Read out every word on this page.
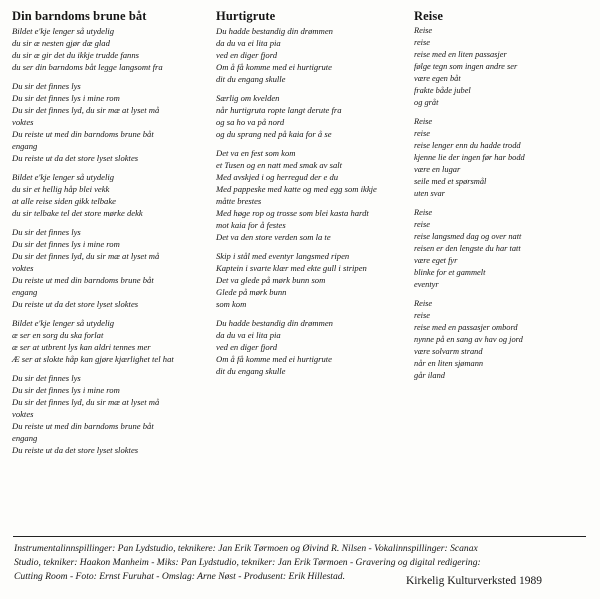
Din barndoms brune båt
Bildet e'kje lenger så utydelig
du sir æ nesten gjør dæ glad
du sir æ gir det du ikkje trudde fanns
du ser din barndoms båt legge langsomt fra
Du sir det finnes lys
Du sir det finnes lys i mine rom
Du sir det finnes lyd, du sir mæ at lyset må
voktes
Du reiste ut med din barndoms brune båt
engang
Du reiste ut da det store lyset sloktes
Bildet e'kje lenger så utydelig
du sir et hellig håp blei vekk
at alle reise siden gikk telbake
du sir telbake tel det store mørke dekk
Du sir det finnes lys
Du sir det finnes lys i mine rom
Du sir det finnes lyd, du sir mæ at lyset må
voktes
Du reiste ut med din barndoms brune båt
engang
Du reiste ut da det store lyset sloktes
Bildet e'kje lenger så utydelig
æ ser en sorg du ska forlat
æ ser at utbrent lys kan aldri tennes mer
Æ ser at slokte håp kan gjøre kjærlighet tel hat
Du sir det finnes lys
Du sir det finnes lys i mine rom
Du sir det finnes lyd, du sir mæ at lyset må
voktes
Du reiste ut med din barndoms brune båt
engang
Du reiste ut da det store lyset sloktes
Hurtigrute
Du hadde bestandig din drømmen
da du va ei lita pia
ved en diger fjord
Om å få komme med ei hurtigrute
dit du engang skulle
Særlig om kvelden
når hurtigruta ropte langt derute fra
og sa ho va på nord
og du sprang ned på kaia for å se
Det va en fest som kom
et Tusen og en natt med smak av salt
Med avskjed i og herregud der e du
Med pappeske med katte og med egg som ikkje
måtte brestes
Med høge rop og trosse som blei kasta hardt
mot kaia for å festes
Det va den store verden som la te
Skip i stål med eventyr langsmed ripen
Kaptein i svarte klær med ekte gull i stripen
Det va glede på mørk bunn som
Glede på mørk bunn
som kom
Du hadde bestandig din drømmen
da du va ei lita pia
ved en diger fjord
Om å få komme med ei hurtigrute
dit du engang skulle
Reise
Reise
reise
reise med en liten passasjer
følge tegn som ingen andre ser
være egen båt
frakte både jubel
og gråt
Reise
reise
reise lenger enn du hadde trodd
kjenne lie der ingen før har bodd
være en lugar
seile med et spørsmål
uten svar
Reise
reise
reise langsmed dag og over natt
reisen er den lengste du har tatt
være eget fyr
blinke for et gammelt
eventyr
Reise
reise
reise med en passasjer ombord
nynne på en sang av hav og jord
være solvarm strand
når en liten sjømann
går iland
Instrumentalinnspillinger: Pan Lydstudio, teknikere: Jan Erik Tørmoen og Øivind R. Nilsen - Vokalinnspillinger: Scanax
Studio, tekniker: Haakon Manheim - Miks: Pan Lydstudio, tekniker: Jan Erik Tørmoen - Gravering og digital redigering:
Cutting Room - Foto: Ernst Furuhat - Omslag: Arne Nøst - Produsent: Erik Hillestad.	Kirkelig Kulturverksted 1989
